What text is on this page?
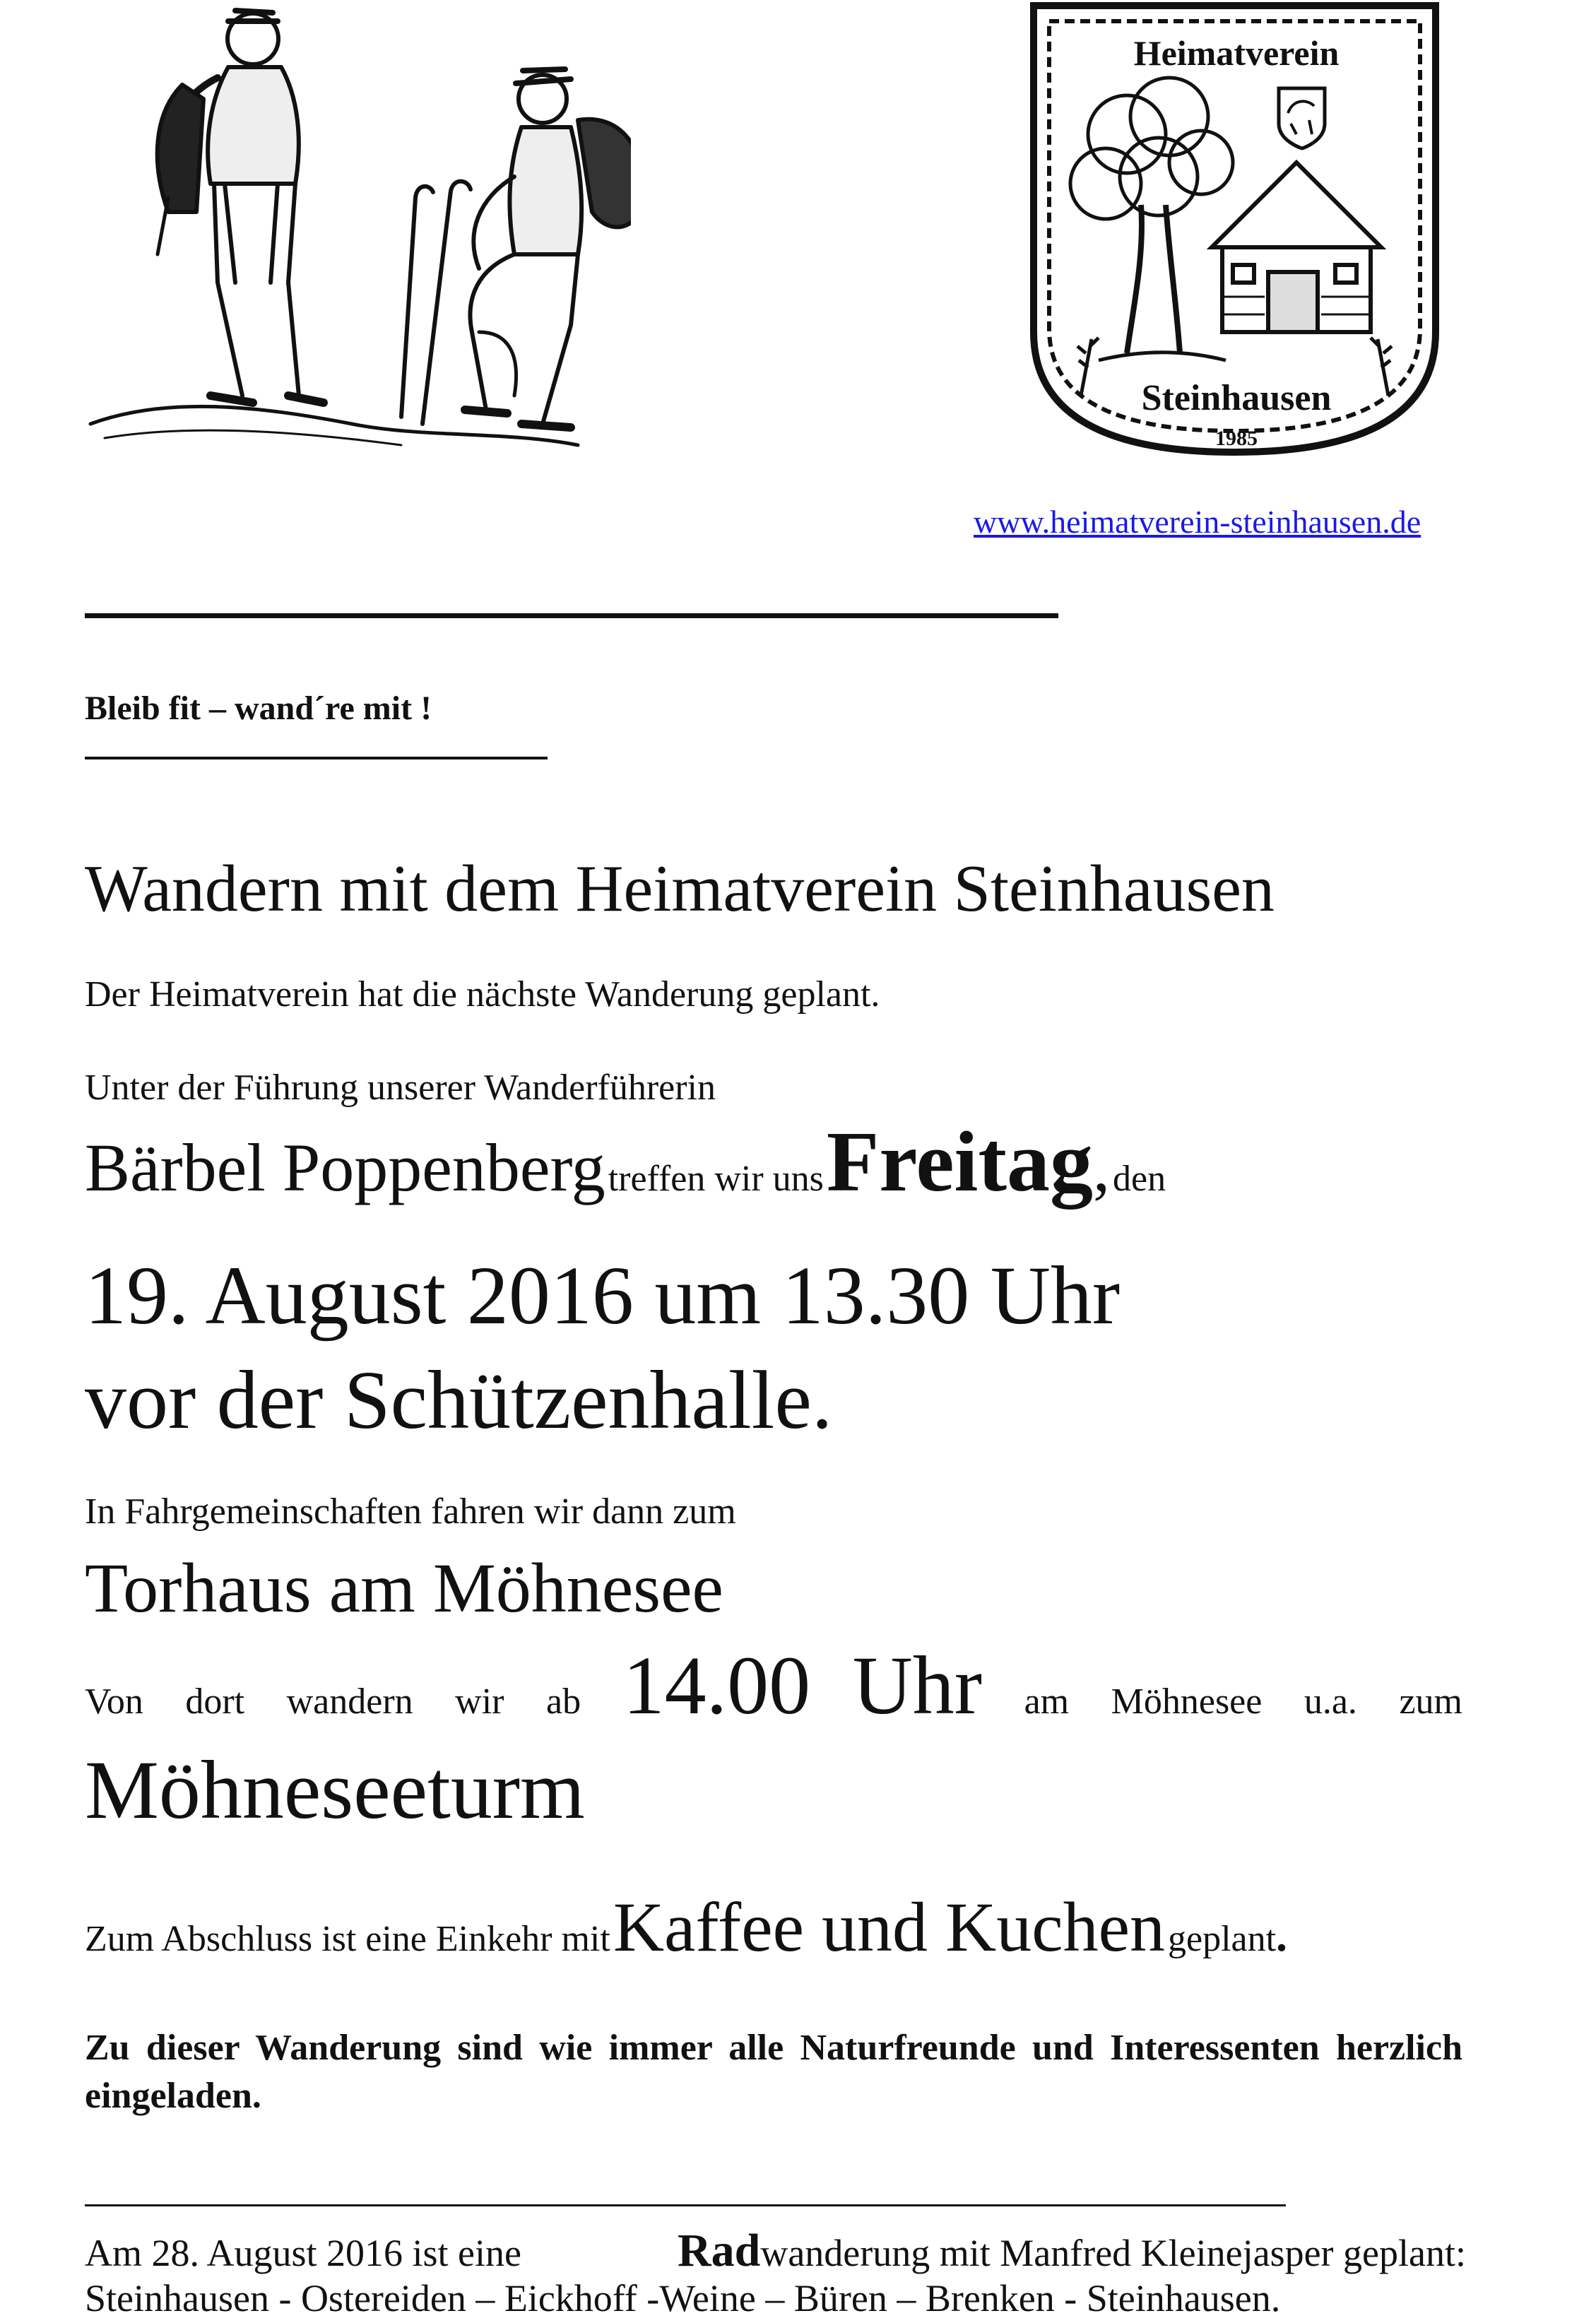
Heimatverein
Steinhausen
1985
www.heimatverein-steinhausen.de
Bleib fit – wand´re mit !
Wandern mit dem Heimatverein Steinhausen
Der Heimatverein hat die nächste Wanderung geplant.
Unter der Führung unserer Wanderführerin
Bärbel Poppenberg treffen wir uns Freitag, den
19. August 2016 um 13.30 Uhr
vor der Schützenhalle.
In Fahrgemeinschaften fahren wir dann zum
Torhaus am Möhnesee
Von dort wandern wir ab 14.00 Uhr am Möhnesee u.a. zum
Möhneseeturm
Zum Abschluss ist eine Einkehr mit Kaffee und Kuchen geplant.
Zu dieser Wanderung sind wie immer alle Naturfreunde und Interessenten herzlich eingeladen.
Am 28. August 2016 ist eine	Radwanderung mit Manfred Kleinejasper geplant:
Steinhausen - Ostereiden – Eickhoff -Weine – Büren – Brenken - Steinhausen.
